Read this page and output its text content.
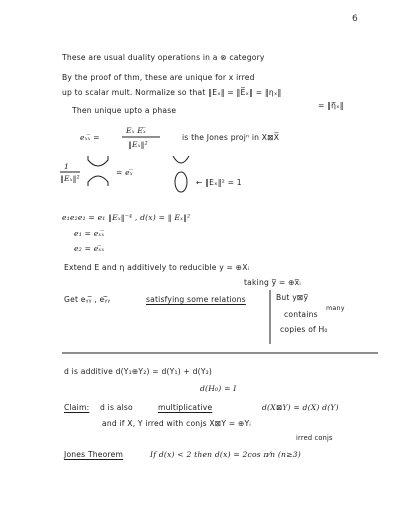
6
These are usual duality operations in a ⊗ category
By the proof of thm, these are unique for x irred
up to scalar mult. Normalize so that ‖Eₓ‖ = ‖E̅ₓ‖ = ‖ηₓ‖
= ‖η̅ₓ‖
Then unique upto a phase
eₓₓ̅ =
Eₓ Eₓ̅
‖Eₓ‖²
is the Jones projⁿ in X⊠X̅
1
‖Eₓ‖²
= eₓ̅
← ‖Eₓ‖² = 1
e₁e₂e₁ = e₁ ‖Eₓ‖⁻⁴ , d(x) = ‖ Eₓ‖²
e₁ = eₓₓ̅
e₂ = eₓ̅ₓ
Extend E and η additively to reducible y = ⊕Xᵢ
taking y̅ = ⊕x̅ᵢ
Get eᵧᵧ̅ , eᵧ̅ᵧ	satisfying some relations	But y⊠y̅
contains
many
copies of H₀
d is additive d(Y₁⊕Y₂) = d(Y₁) + d(Y₂)
d(H₀) = I
Claim: d is also	multiplicative	d(X⊠Y) = d(X) d(Y)
and if X, Y irred with conjs X⊠Y = ⊕Yᵢ
irred conjs
Jones Theorem	If d(x) < 2 then d(x) = 2cos π⁄n (n≥3)
